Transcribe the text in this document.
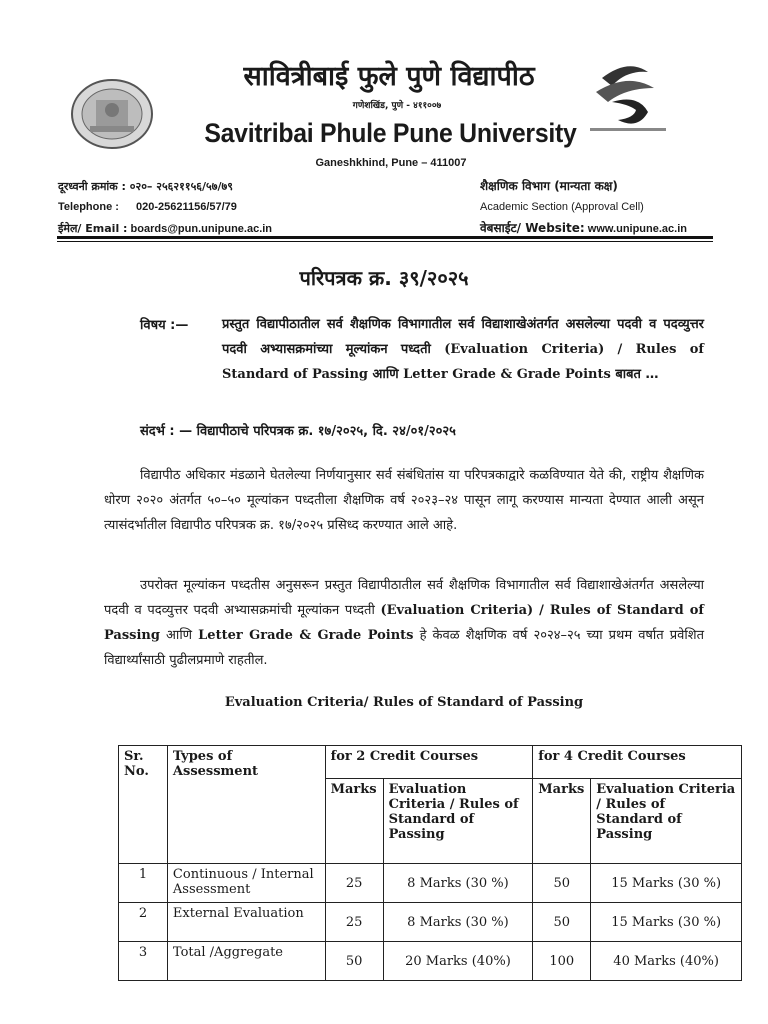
सावित्रीबाई फुले पुणे विद्यापीठ
गणेशखिंड, पुणे - ४११००७
Savitribai Phule Pune University
Ganeshkhind, Pune – 411007
दूरध्वनी क्रमांक : ०२०– २५६२११५६/५७/७९
Telephone : 020-25621156/57/79
ईमेल/ Email : boards@pun.unipune.ac.in
शैक्षणिक विभाग (मान्यता कक्ष)
Academic Section (Approval Cell)
वेबसाईट/ Website: www.unipune.ac.in
परिपत्रक क्र. ३९/२०२५
विषय :—	प्रस्तुत विद्यापीठातील सर्व शैक्षणिक विभागातील सर्व विद्याशाखेअंतर्गत असलेल्या पदवी व पदव्युत्तर पदवी अभ्यासक्रमांच्या मूल्यांकन पध्दती (Evaluation Criteria) / Rules of Standard of Passing आणि Letter Grade & Grade Points बाबत …
संदर्भ : — विद्यापीठाचे परिपत्रक क्र. १७/२०२५, दि. २४/०१/२०२५
विद्यापीठ अधिकार मंडळाने घेतलेल्या निर्णयानुसार सर्व संबंधितांस या परिपत्रकाद्वारे कळविण्यात येते की, राष्ट्रीय शैक्षणिक धोरण २०२० अंतर्गत ५०–५० मूल्यांकन पध्दतीला शैक्षणिक वर्ष २०२३–२४ पासून लागू करण्यास मान्यता देण्यात आली असून त्यासंदर्भातील विद्यापीठ परिपत्रक क्र. १७/२०२५ प्रसिध्द करण्यात आले आहे.
उपरोक्त मूल्यांकन पध्दतीस अनुसरून प्रस्तुत विद्यापीठातील सर्व शैक्षणिक विभागातील सर्व विद्याशाखेअंतर्गत असलेल्या पदवी व पदव्युत्तर पदवी अभ्यासक्रमांची मूल्यांकन पध्दती (Evaluation Criteria) / Rules of Standard of Passing आणि Letter Grade & Grade Points हे केवळ शैक्षणिक वर्ष २०२४–२५ च्या प्रथम वर्षात प्रवेशित विद्यार्थ्यांसाठी पुढीलप्रमाणे राहतील.
Evaluation Criteria/ Rules of Standard of Passing
Sr. No.	Types of Assessment	for 2 Credit Courses		for 4 Credit Courses	
		Marks	Evaluation Criteria / Rules of Standard of Passing	Marks	Evaluation Criteria / Rules of Standard of Passing
1	Continuous / Internal Assessment	25	8 Marks (30 %)	50	15 Marks (30 %)
2	External Evaluation	25	8 Marks (30 %)	50	15 Marks (30 %)
3	Total /Aggregate	50	20 Marks (40%)	100	40 Marks (40%)
